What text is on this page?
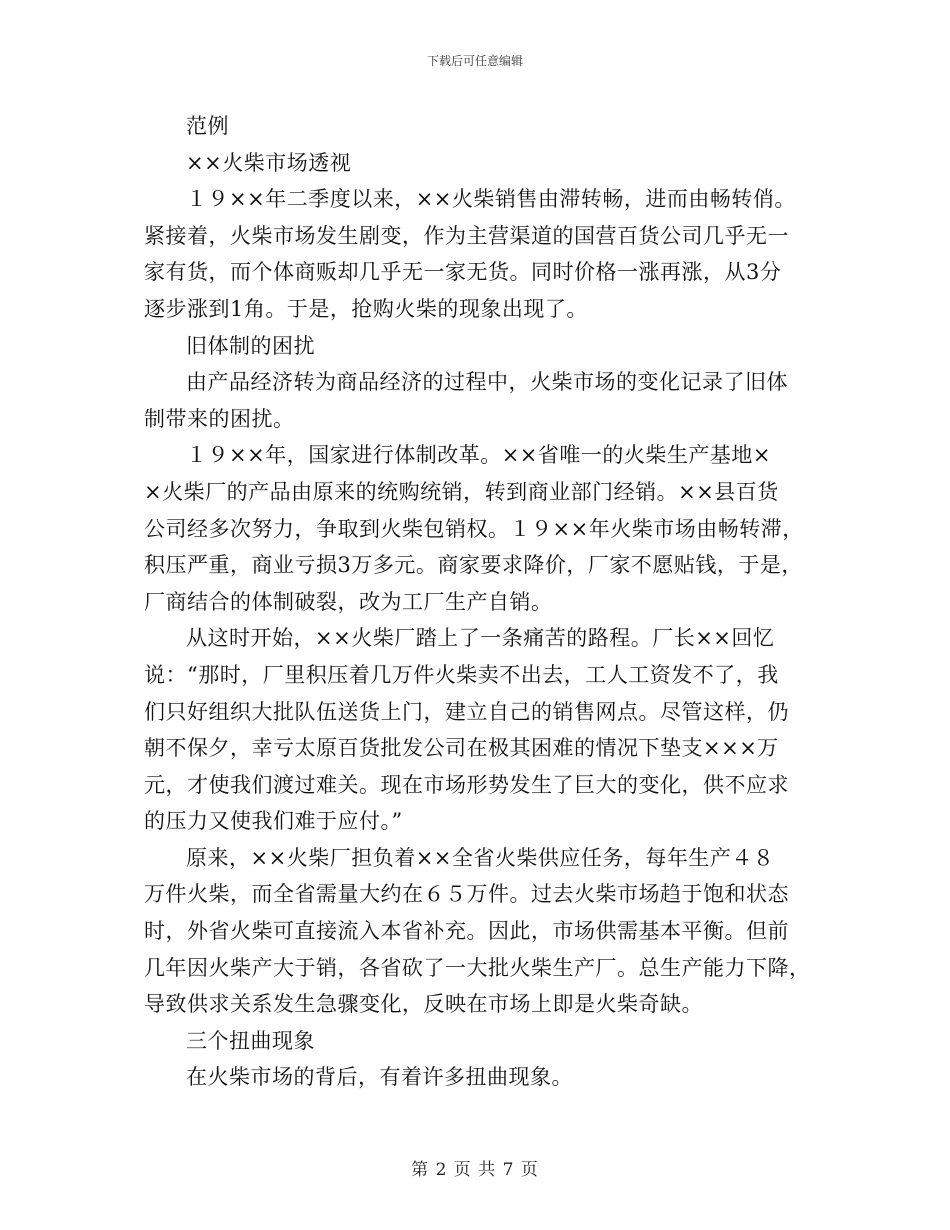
下载后可任意编辑
范例
××火柴市场透视
１９××年二季度以来，××火柴销售由滞转畅，进而由畅转俏。
紧接着，火柴市场发生剧变，作为主营渠道的国营百货公司几乎无一
家有货，而个体商贩却几乎无一家无货。同时价格一涨再涨，从3分
逐步涨到1角。于是，抢购火柴的现象出现了。
旧体制的困扰
由产品经济转为商品经济的过程中，火柴市场的变化记录了旧体
制带来的困扰。
１９××年，国家进行体制改革。××省唯一的火柴生产基地×
×火柴厂的产品由原来的统购统销，转到商业部门经销。××县百货
公司经多次努力，争取到火柴包销权。１９××年火柴市场由畅转滞，
积压严重，商业亏损3万多元。商家要求降价，厂家不愿贴钱，于是，
厂商结合的体制破裂，改为工厂生产自销。
从这时开始，××火柴厂踏上了一条痛苦的路程。厂长××回忆
说：“那时，厂里积压着几万件火柴卖不出去，工人工资发不了，我
们只好组织大批队伍送货上门，建立自己的销售网点。尽管这样，仍
朝不保夕，幸亏太原百货批发公司在极其困难的情况下垫支×××万
元，才使我们渡过难关。现在市场形势发生了巨大的变化，供不应求
的压力又使我们难于应付。”
原来，××火柴厂担负着××全省火柴供应任务，每年生产４８
万件火柴，而全省需量大约在６５万件。过去火柴市场趋于饱和状态
时，外省火柴可直接流入本省补充。因此，市场供需基本平衡。但前
几年因火柴产大于销，各省砍了一大批火柴生产厂。总生产能力下降，
导致供求关系发生急骤变化，反映在市场上即是火柴奇缺。
三个扭曲现象
在火柴市场的背后，有着许多扭曲现象。
第 2 页 共 7 页
